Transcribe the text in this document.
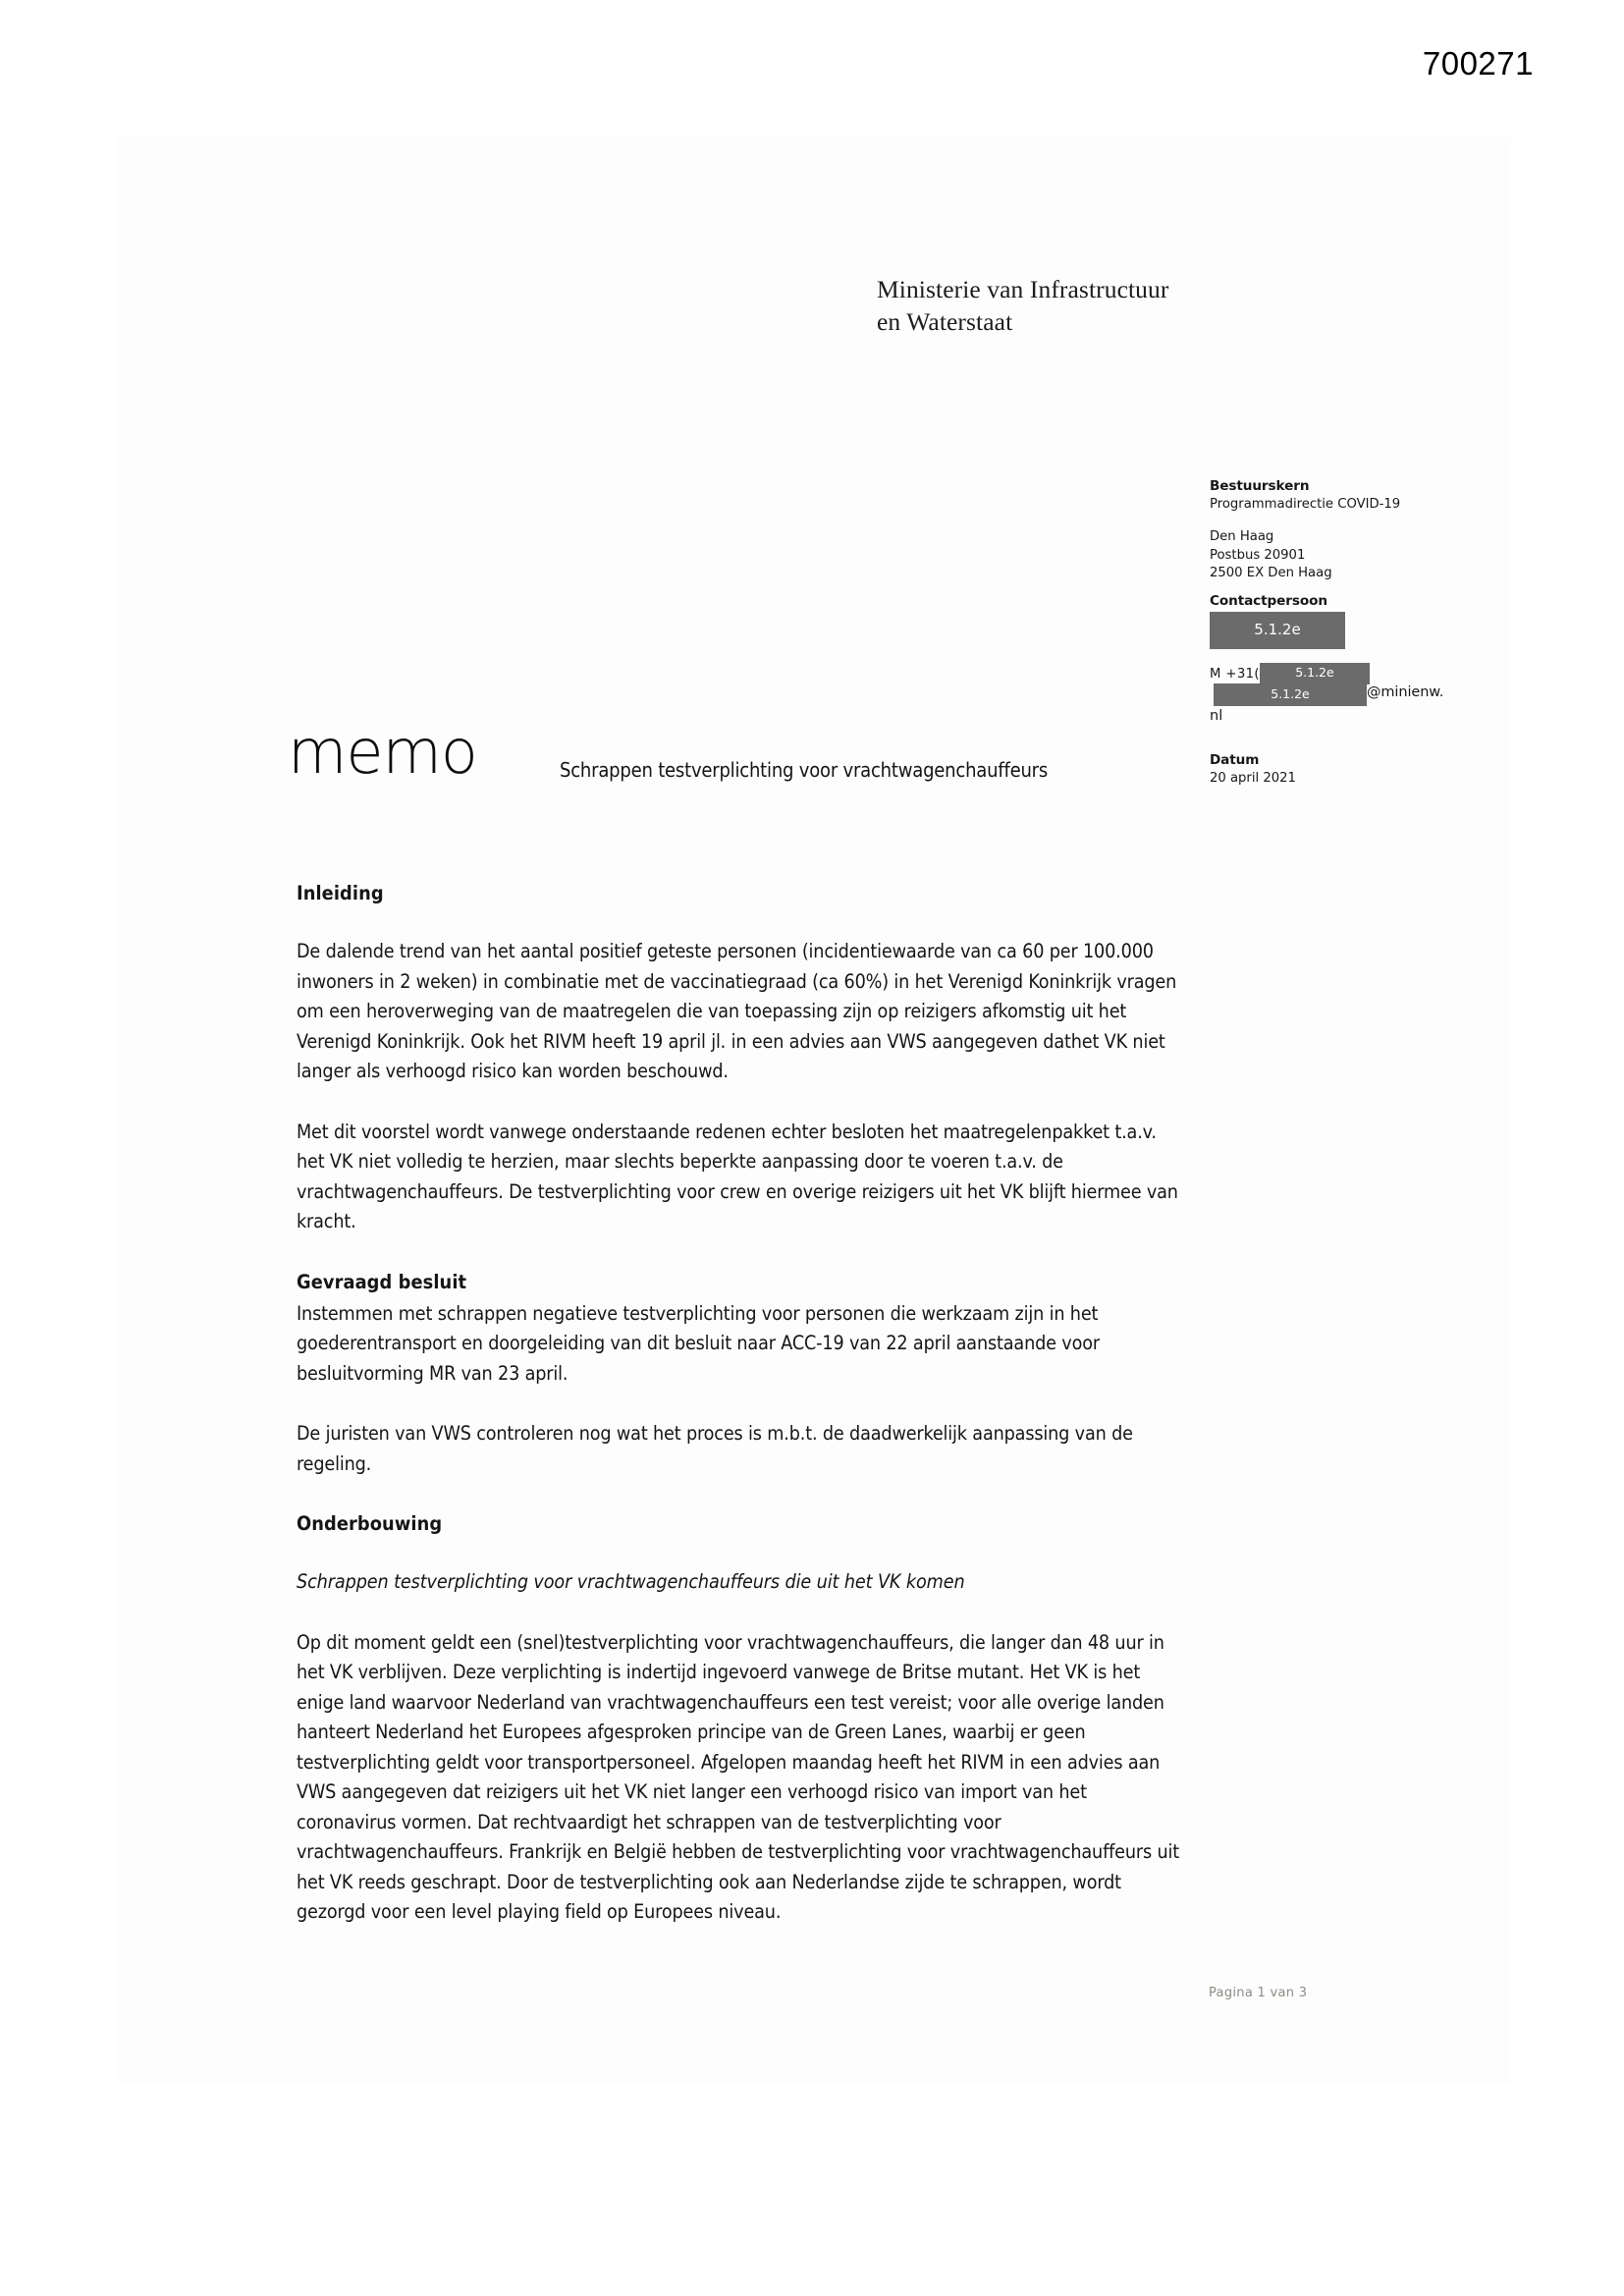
700271
Ministerie van Infrastructuur
en Waterstaat
Bestuurskern
Programmadirectie COVID-19
Den Haag
Postbus 20901
2500 EX Den Haag
Contactpersoon
5.1.2e
M +31(	5.1.2e
5.1.2e	@minienw.
nl
Datum
20 april 2021
memo	Schrappen testverplichting voor vrachtwagenchauffeurs
Inleiding

De dalende trend van het aantal positief geteste personen (incidentiewaarde van ca 60 per 100.000 inwoners in 2 weken) in combinatie met de vaccinatiegraad (ca 60%) in het Verenigd Koninkrijk vragen om een heroverweging van de maatregelen die van toepassing zijn op reizigers afkomstig uit het Verenigd Koninkrijk. Ook het RIVM heeft 19 april jl. in een advies aan VWS aangegeven dathet VK niet langer als verhoogd risico kan worden beschouwd.

Met dit voorstel wordt vanwege onderstaande redenen echter besloten het maatregelenpakket t.a.v. het VK niet volledig te herzien, maar slechts beperkte aanpassing door te voeren t.a.v. de vrachtwagenchauffeurs. De testverplichting voor crew en overige reizigers uit het VK blijft hiermee van kracht.

Gevraagd besluit

Instemmen met schrappen negatieve testverplichting voor personen die werkzaam zijn in het goederentransport en doorgeleiding van dit besluit naar ACC-19 van 22 april aanstaande voor besluitvorming MR van 23 april.

De juristen van VWS controleren nog wat het proces is m.b.t. de daadwerkelijk aanpassing van de regeling.

Onderbouwing

Schrappen testverplichting voor vrachtwagenchauffeurs die uit het VK komen

Op dit moment geldt een (snel)testverplichting voor vrachtwagenchauffeurs, die langer dan 48 uur in het VK verblijven. Deze verplichting is indertijd ingevoerd vanwege de Britse mutant. Het VK is het enige land waarvoor Nederland van vrachtwagenchauffeurs een test vereist; voor alle overige landen hanteert Nederland het Europees afgesproken principe van de Green Lanes, waarbij er geen testverplichting geldt voor transportpersoneel. Afgelopen maandag heeft het RIVM in een advies aan VWS aangegeven dat reizigers uit het VK niet langer een verhoogd risico van import van het coronavirus vormen. Dat rechtvaardigt het schrappen van de testverplichting voor vrachtwagenchauffeurs. Frankrijk en België hebben de testverplichting voor vrachtwagenchauffeurs uit het VK reeds geschrapt. Door de testverplichting ook aan Nederlandse zijde te schrappen, wordt gezorgd voor een level playing field op Europees niveau.

Pagina 1 van 3
